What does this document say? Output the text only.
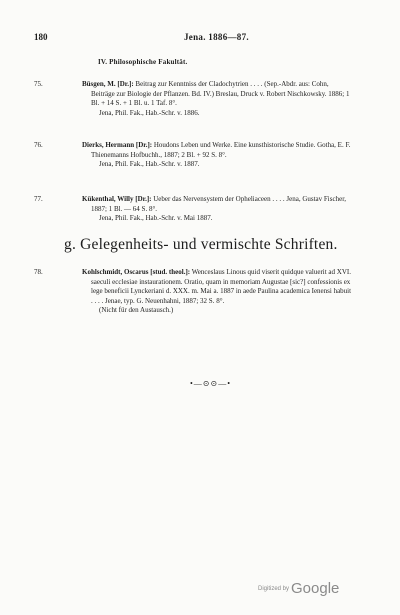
180	Jena. 1886—87.
IV. Philosophische Fakultät.
75.	Büsgen, M. [Dr.]: Beitrag zur Kenntniss der Cladochytrien . . . . (Sep.-Abdr. aus: Cohn, Beiträge zur Biologie der Pflanzen. Bd. IV.) Breslau, Druck v. Robert Nischkowsky. 1886; 1 Bl. + 14 S. + 1 Bl. u. 1 Taf. 8°.
Jena, Phil. Fak., Hab.-Schr. v. 1886.
76.	Dierks, Hermann [Dr.]: Houdons Leben und Werke. Eine kunsthistorische Studie. Gotha, E. F. Thienemanns Hofbuchh., 1887; 2 Bl. + 92 S. 8°.
Jena, Phil. Fak., Hab.-Schr. v. 1887.
77.	Kükenthal, Willy [Dr.]: Ueber das Nervensystem der Opheliaceen . . . . Jena, Gustav Fischer, 1887; 1 Bl. — 64 S. 8°.
Jena, Phil. Fak., Hab.-Schr. v. Mai 1887.
g. Gelegenheits- und vermischte Schriften.
78.	Kohlschmidt, Oscarus [stud. theol.]: Wenceslaus Linous quid viserit quidque valuerit ad XVI. saeculi ecclesiae instaurationem. Oratio, quam in memoriam Augustae [sic?] confessionis ex lege beneficii Lynckeriani d. XXX. m. Mai a. 1887 in aede Paulina academica Ienensi habuit . . . . Jenae, typ. G. Neuenhahni, 1887; 32 S. 8°.
(Nicht für den Austausch.)
•—⊙⊙—•
Digitized by Google
